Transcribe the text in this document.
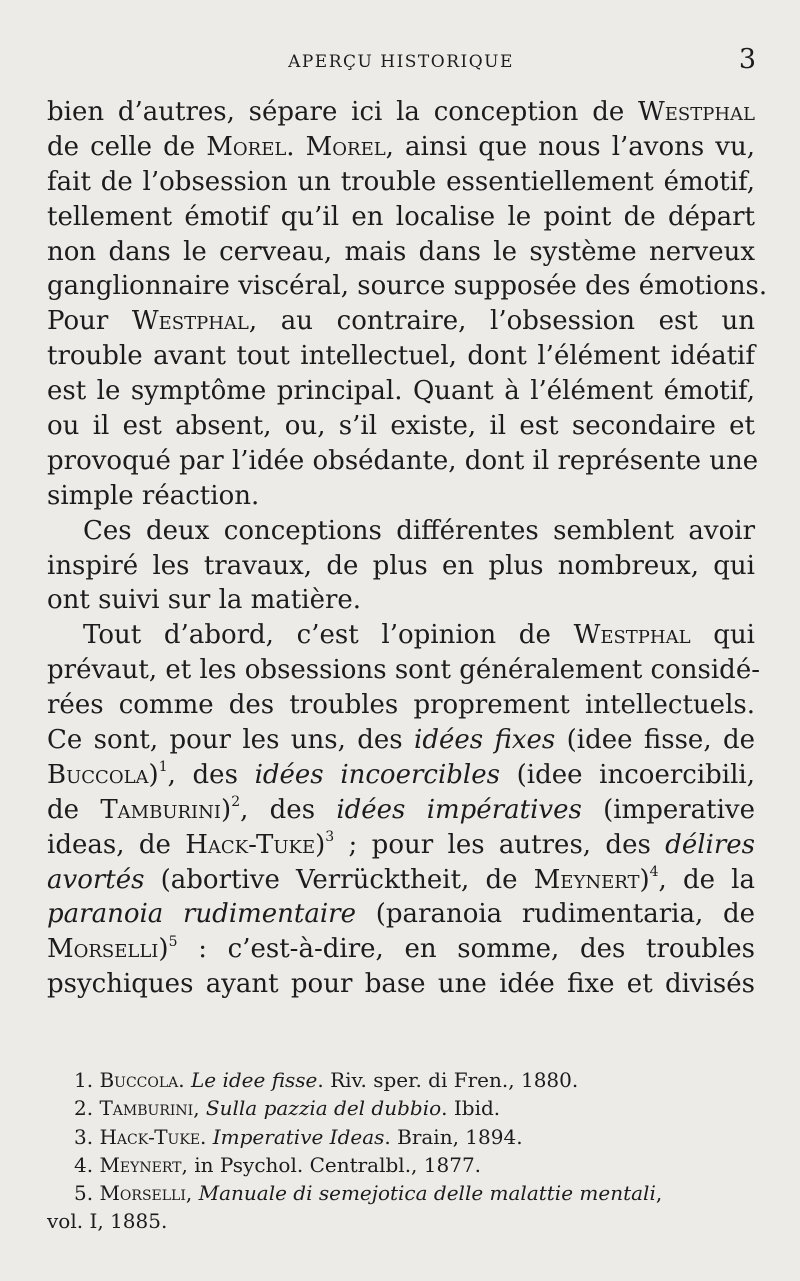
APERÇU HISTORIQUE	3
bien d’autres, sépare ici la conception de Westphal
de celle de Morel. Morel, ainsi que nous l’avons vu,
fait de l’obsession un trouble essentiellement émotif,
tellement émotif qu’il en localise le point de départ
non dans le cerveau, mais dans le système nerveux
ganglionnaire viscéral, source supposée des émotions.
Pour Westphal, au contraire, l’obsession est un
trouble avant tout intellectuel, dont l’élément idéatif
est le symptôme principal. Quant à l’élément émotif,
ou il est absent, ou, s’il existe, il est secondaire et
provoqué par l’idée obsédante, dont il représente une
simple réaction.
Ces deux conceptions différentes semblent avoir
inspiré les travaux, de plus en plus nombreux, qui
ont suivi sur la matière.
Tout d’abord, c’est l’opinion de Westphal qui
prévaut, et les obsessions sont généralement considé-
rées comme des troubles proprement intellectuels.
Ce sont, pour les uns, des idées fixes (idee fisse, de
Buccola)$^1$, des idées incoercibles (idee incoercibili,
de Tamburini)$^2$, des idées impératives (imperative
ideas, de Hack-Tuke)$^3$ ; pour les autres, des délires
avortés (abortive Verrücktheit, de Meynert)$^4$, de la
paranoia rudimentaire (paranoia rudimentaria, de
Morselli)$^5$ : c’est-à-dire, en somme, des troubles
psychiques ayant pour base une idée fixe et divisés
1. Buccola. Le idee fisse. Riv. sper. di Fren., 1880.
2. Tamburini, Sulla pazzia del dubbio. Ibid.
3. Hack-Tuke. Imperative Ideas. Brain, 1894.
4. Meynert, in Psychol. Centralbl., 1877.
5. Morselli, Manuale di semejotica delle malattie mentali,
vol. I, 1885.
